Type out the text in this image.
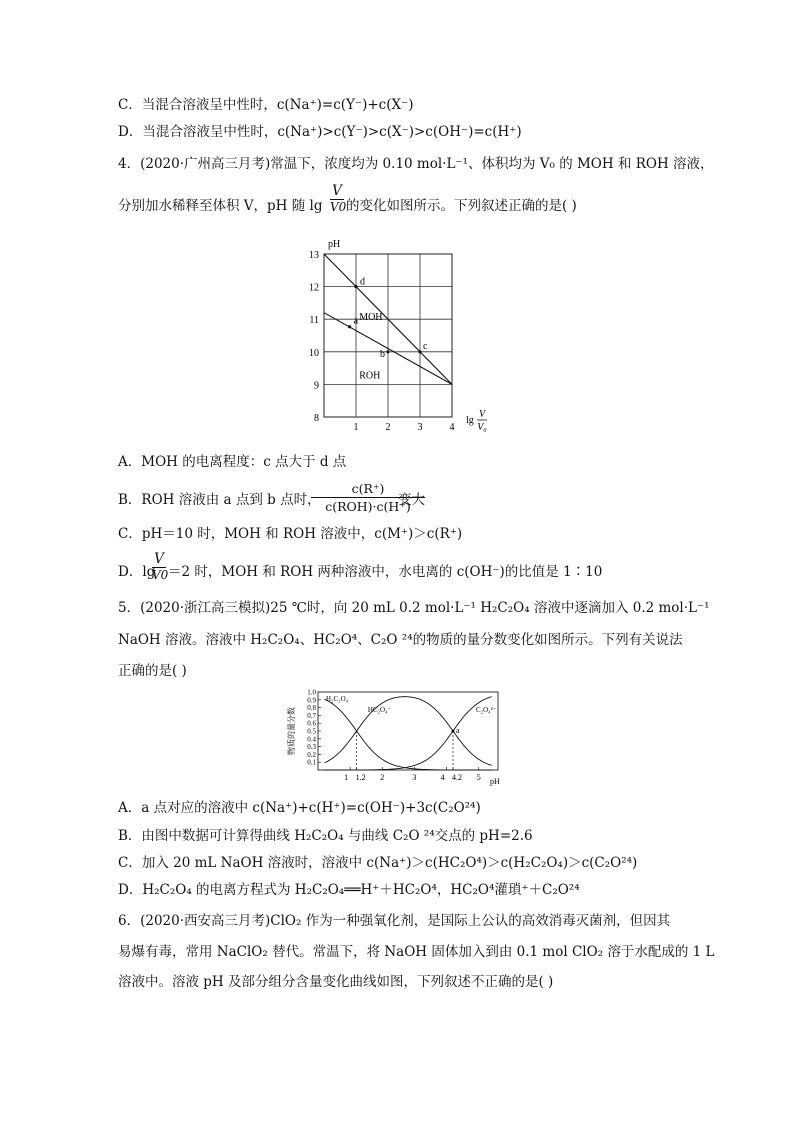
C．当混合溶液呈中性时，c(Na⁺)=c(Y⁻)+c(X⁻)
D．当混合溶液呈中性时，c(Na⁺)>c(Y⁻)>c(X⁻)>c(OH⁻)=c(H⁺)
4．(2020·广州高三月考)常温下，浓度均为 0.10 mol·L⁻¹、体积均为 V₀ 的 MOH 和 ROH 溶液，
分别加水稀释至体积 V，pH 随 $\lg \frac{V}{V0}$ 的变化如图所示。下列叙述正确的是( )
8
9
10
11
12
13
1	2	3	4
pH
lg
V
V₀
MOH
ROH
a
b
c
d
A．MOH 的电离程度：c 点大于 d 点
B．ROH 溶液由 a 点到 b 点时，
c(R⁺)
c(ROH)·c(H⁺)
变大
C．pH＝10 时，MOH 和 ROH 溶液中，c(M⁺)＞c(R⁺)
D．lg
$\frac{V}{V0} =2$ 时，MOH 和 ROH 两种溶液中，水电离的 c(OH⁻)的比值是 1∶10
5．(2020·浙江高三模拟)25 ℃时，向 20 mL 0.2 mol·L⁻¹ H₂C₂O₄ 溶液中逐滴加入 0.2 mol·L⁻¹
NaOH 溶液。溶液中 H₂C₂O₄、HC₂O⁴、C₂O ²⁴的物质的量分数变化如图所示。下列有关说法
正确的是( )
0.1
0.2
0.3
0.4
0.5
0.6
0.7
0.8
0.9
1.0
物质的量分数
1 1.2 2	3	4 4.2 5 pH
H₂C₂O₄
HC₂O₄⁻	C₂O₄²⁻
a
A．a 点对应的溶液中 c(Na⁺)+c(H⁺)=c(OH⁻)+3c(C₂O²⁴)
B．由图中数据可计算得曲线 H₂C₂O₄ 与曲线 C₂O ²⁴交点的 pH=2.6
C．加入 20 mL NaOH 溶液时，溶液中 c(Na⁺)＞c(HC₂O⁴)＞c(H₂C₂O₄)＞c(C₂O²⁴)
D．H₂C₂O₄ 的电离方程式为 H₂C₂O₄══H⁺＋HC₂O⁴，HC₂O⁴灌瑣⁺＋C₂O²⁴
6．(2020·西安高三月考)ClO₂ 作为一种强氧化剂，是国际上公认的高效消毒灭菌剂，但因其
易爆有毒，常用 NaClO₂ 替代。常温下，将 NaOH 固体加入到由 0.1 mol ClO₂ 溶于水配成的 1 L
溶液中。溶液 pH 及部分组分含量变化曲线如图，下列叙述不正确的是( )
